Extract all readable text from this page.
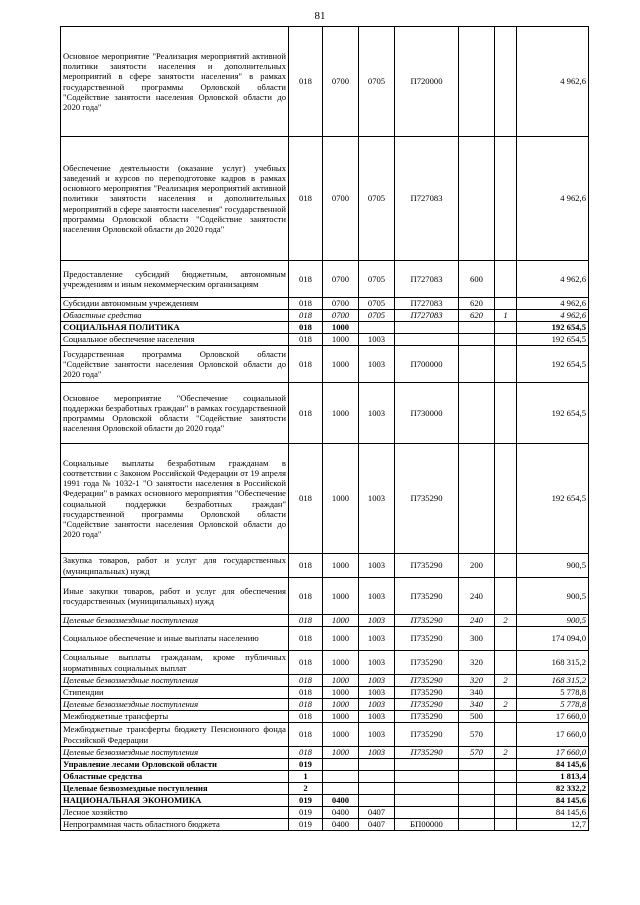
81
Основное мероприятие "Реализация мероприятий активной политики занятости населения и дополнительных мероприятий в сфере занятости населения" в рамках государственной программы Орловской области "Содействие занятости населения Орловской области до 2020 года"	018	0700	0705	П720000			4 962,6
Обеспечение деятельности (оказание услуг) учебных заведений и курсов по переподготовке кадров в рамках основного мероприятия "Реализация мероприятий активной политики занятости населения и дополнительных мероприятий в сфере занятости населения" государственной программы Орловской области "Содействие занятости населения Орловской области до 2020 года"	018	0700	0705	П727083			4 962,6
Предоставление субсидий бюджетным, автономным учреждениям и иным некоммерческим организациям	018	0700	0705	П727083	600		4 962,6
Субсидии автономным учреждениям	018	0700	0705	П727083	620		4 962,6
Областные средства	018	0700	0705	П727083	620	1	4 962,6
СОЦИАЛЬНАЯ ПОЛИТИКА	018	1000					192 654,5
Социальное обеспечение населения	018	1000	1003				192 654,5
Государственная программа Орловской области "Содействие занятости населения Орловской области до 2020 года"	018	1000	1003	П700000			192 654,5
Основное мероприятие "Обеспечение социальной поддержки безработных граждан" в рамках государственной программы Орловской области "Содействие занятости населения Орловской области до 2020 года"	018	1000	1003	П730000			192 654,5
Социальные выплаты безработным гражданам в соответствии с Законом Российской Федерации от 19 апреля 1991 года № 1032-1 "О занятости населения в Российской Федерации" в рамках основного мероприятия "Обеспечение социальной поддержки безработных граждан" государственной программы Орловской области "Содействие занятости населения Орловской области до 2020 года"	018	1000	1003	П735290			192 654,5
Закупка товаров, работ и услуг для государственных (муниципальных) нужд	018	1000	1003	П735290	200		900,5
Иные закупки товаров, работ и услуг для обеспечения государственных (муниципальных) нужд	018	1000	1003	П735290	240		900,5
Целевые безвозмездные поступления	018	1000	1003	П735290	240	2	900,5
Социальное обеспечение и иные выплаты населению	018	1000	1003	П735290	300		174 094,0
Социальные выплаты гражданам, кроме публичных нормативных социальных выплат	018	1000	1003	П735290	320		168 315,2
Целевые безвозмездные поступления	018	1000	1003	П735290	320	2	168 315,2
Стипендии	018	1000	1003	П735290	340		5 778,8
Целевые безвозмездные поступления	018	1000	1003	П735290	340	2	5 778,8
Межбюджетные трансферты	018	1000	1003	П735290	500		17 660,0
Межбюджетные трансферты бюджету Пенсионного фонда Российской Федерации	018	1000	1003	П735290	570		17 660,0
Целевые безвозмездные поступления	018	1000	1003	П735290	570	2	17 660,0
Управление лесами Орловской области	019						84 145,6
Областные средства	1						1 813,4
Целевые безвозмездные поступления	2						82 332,2
НАЦИОНАЛЬНАЯ ЭКОНОМИКА	019	0400					84 145,6
Лесное хозяйство	019	0400	0407				84 145,6
Непрограммная часть областного бюджета	019	0400	0407	БП00000			12,7
